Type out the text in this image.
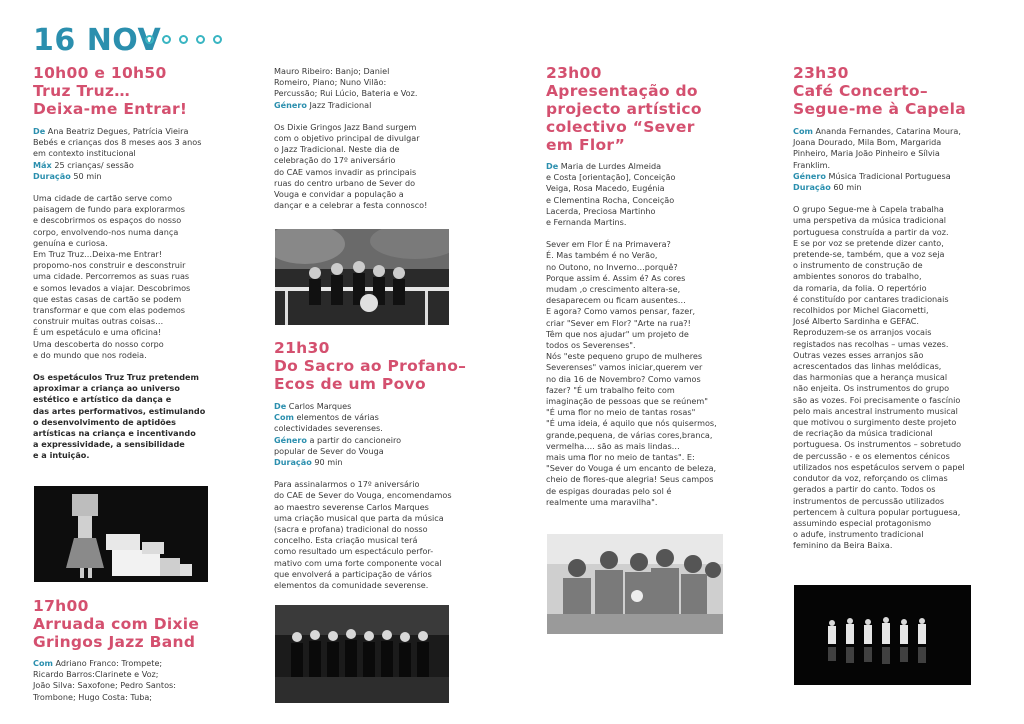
16 NOV
10h00 e 10h50
Truz Truz…
Deixa-me Entrar!

De Ana Beatriz Degues, Patrícia Vieira

Bebés e crianças dos 8 meses aos 3 anos

em contexto institucional

Máx 25 crianças/ sessão

Duração 50 min

Uma cidade de cartão serve como

paisagem de fundo para explorarmos

e descobrirmos os espaços do nosso

corpo, envolvendo-nos numa dança

genuína e curiosa.

Em Truz Truz…Deixa-me Entrar!

propomo-nos construir e desconstruir

uma cidade. Percorremos as suas ruas

e somos levados a viajar. Descobrimos

que estas casas de cartão se podem

transformar e que com elas podemos

construir muitas outras coisas…

É um espetáculo e uma oficina!

Uma descoberta do nosso corpo

e do mundo que nos rodeia.

Os espetáculos Truz Truz pretendem

aproximar a criança ao universo

estético e artístico da dança e

das artes performativos, estimulando

o desenvolvimento de aptidões

artísticas na criança e incentivando

a expressividade, a sensibilidade

e a intuição.

17h00
Arruada com Dixie
Gringos Jazz Band

Com Adriano Franco: Trompete;

Ricardo Barros:Clarinete e Voz;

João Silva: Saxofone; Pedro Santos:

Trombone; Hugo Costa: Tuba;

Mauro Ribeiro: Banjo; Daniel

Romeiro, Piano; Nuno Vilão:

Percussão; Rui Lúcio, Bateria e Voz.

Género Jazz Tradicional

Os Dixie Gringos Jazz Band surgem

com o objetivo principal de divulgar

o Jazz Tradicional. Neste dia de

celebração do 17º aniversário

do CAE vamos invadir as principais

ruas do centro urbano de Sever do

Vouga e convidar a população a

dançar e a celebrar a festa connosco!

21h30
Do Sacro ao Profano–
Ecos de um Povo

De Carlos Marques

Com elementos de várias

colectividades severenses.

Género a partir do cancioneiro

popular de Sever do Vouga

Duração 90 min

Para assinalarmos o 17º aniversário

do CAE de Sever do Vouga, encomendamos

ao maestro severense Carlos Marques

uma criação musical que parta da música

(sacra e profana) tradicional do nosso

concelho. Esta criação musical terá

como resultado um espectáculo perfor-

mativo com uma forte componente vocal

que envolverá a participação de vários

elementos da comunidade severense.

23h00
Apresentação do
projecto artístico
colectivo “Sever
em Flor”

De Maria de Lurdes Almeida

e Costa [orientação], Conceição

Veiga, Rosa Macedo, Eugénia

e Clementina Rocha, Conceição

Lacerda, Preciosa Martinho

e Fernanda Martins.

Sever em Flor É na Primavera?

É. Mas também é no Verão,

no Outono, no Inverno…porquê?

Porque assim é. Assim é? As cores

mudam ,o crescimento altera-se,

desaparecem ou ficam ausentes…

E agora? Como vamos pensar, fazer,

criar "Sever em Flor? "Arte na rua?!

Têm que nos ajudar" um projeto de

todos os Severenses".

Nós "este pequeno grupo de mulheres

Severenses" vamos iniciar,querem ver

no dia 16 de Novembro? Como vamos

fazer? "É um trabalho feito com

imaginação de pessoas que se reúnem"

"É uma flor no meio de tantas rosas"

"É uma ideia, é aquilo que nós quisermos,

grande,pequena, de várias cores,branca,

vermelha…. são as mais lindas…

mais uma flor no meio de tantas". E:

"Sever do Vouga é um encanto de beleza,

cheio de flores-que alegria! Seus campos

de espigas douradas pelo sol é

realmente uma maravilha".

23h30
Café Concerto–
Segue-me à Capela

Com Ananda Fernandes, Catarina Moura,

Joana Dourado, Mila Bom, Margarida

Pinheiro, Maria João Pinheiro e Sílvia

Franklim.

Género Música Tradicional Portuguesa

Duração 60 min

O grupo Segue-me à Capela trabalha

uma perspetiva da música tradicional

portuguesa construída a partir da voz.

E se por voz se pretende dizer canto,

pretende-se, também, que a voz seja

o instrumento de construção de

ambientes sonoros do trabalho,

da romaria, da folia. O repertório

é constituído por cantares tradicionais

recolhidos por Michel Giacometti,

José Alberto Sardinha e GEFAC.

Reproduzem-se os arranjos vocais

registados nas recolhas – umas vezes.

Outras vezes esses arranjos são

acrescentados das linhas melódicas,

das harmonias que a herança musical

não enjeita. Os instrumentos do grupo

são as vozes. Foi precisamente o fascínio

pelo mais ancestral instrumento musical

que motivou o surgimento deste projeto

de recriação da música tradicional

portuguesa. Os instrumentos – sobretudo

de percussão - e os elementos cénicos

utilizados nos espetáculos servem o papel

condutor da voz, reforçando os climas

gerados a partir do canto. Todos os

instrumentos de percussão utilizados

pertencem à cultura popular portuguesa,

assumindo especial protagonismo

o adufe, instrumento tradicional

feminino da Beira Baixa.
